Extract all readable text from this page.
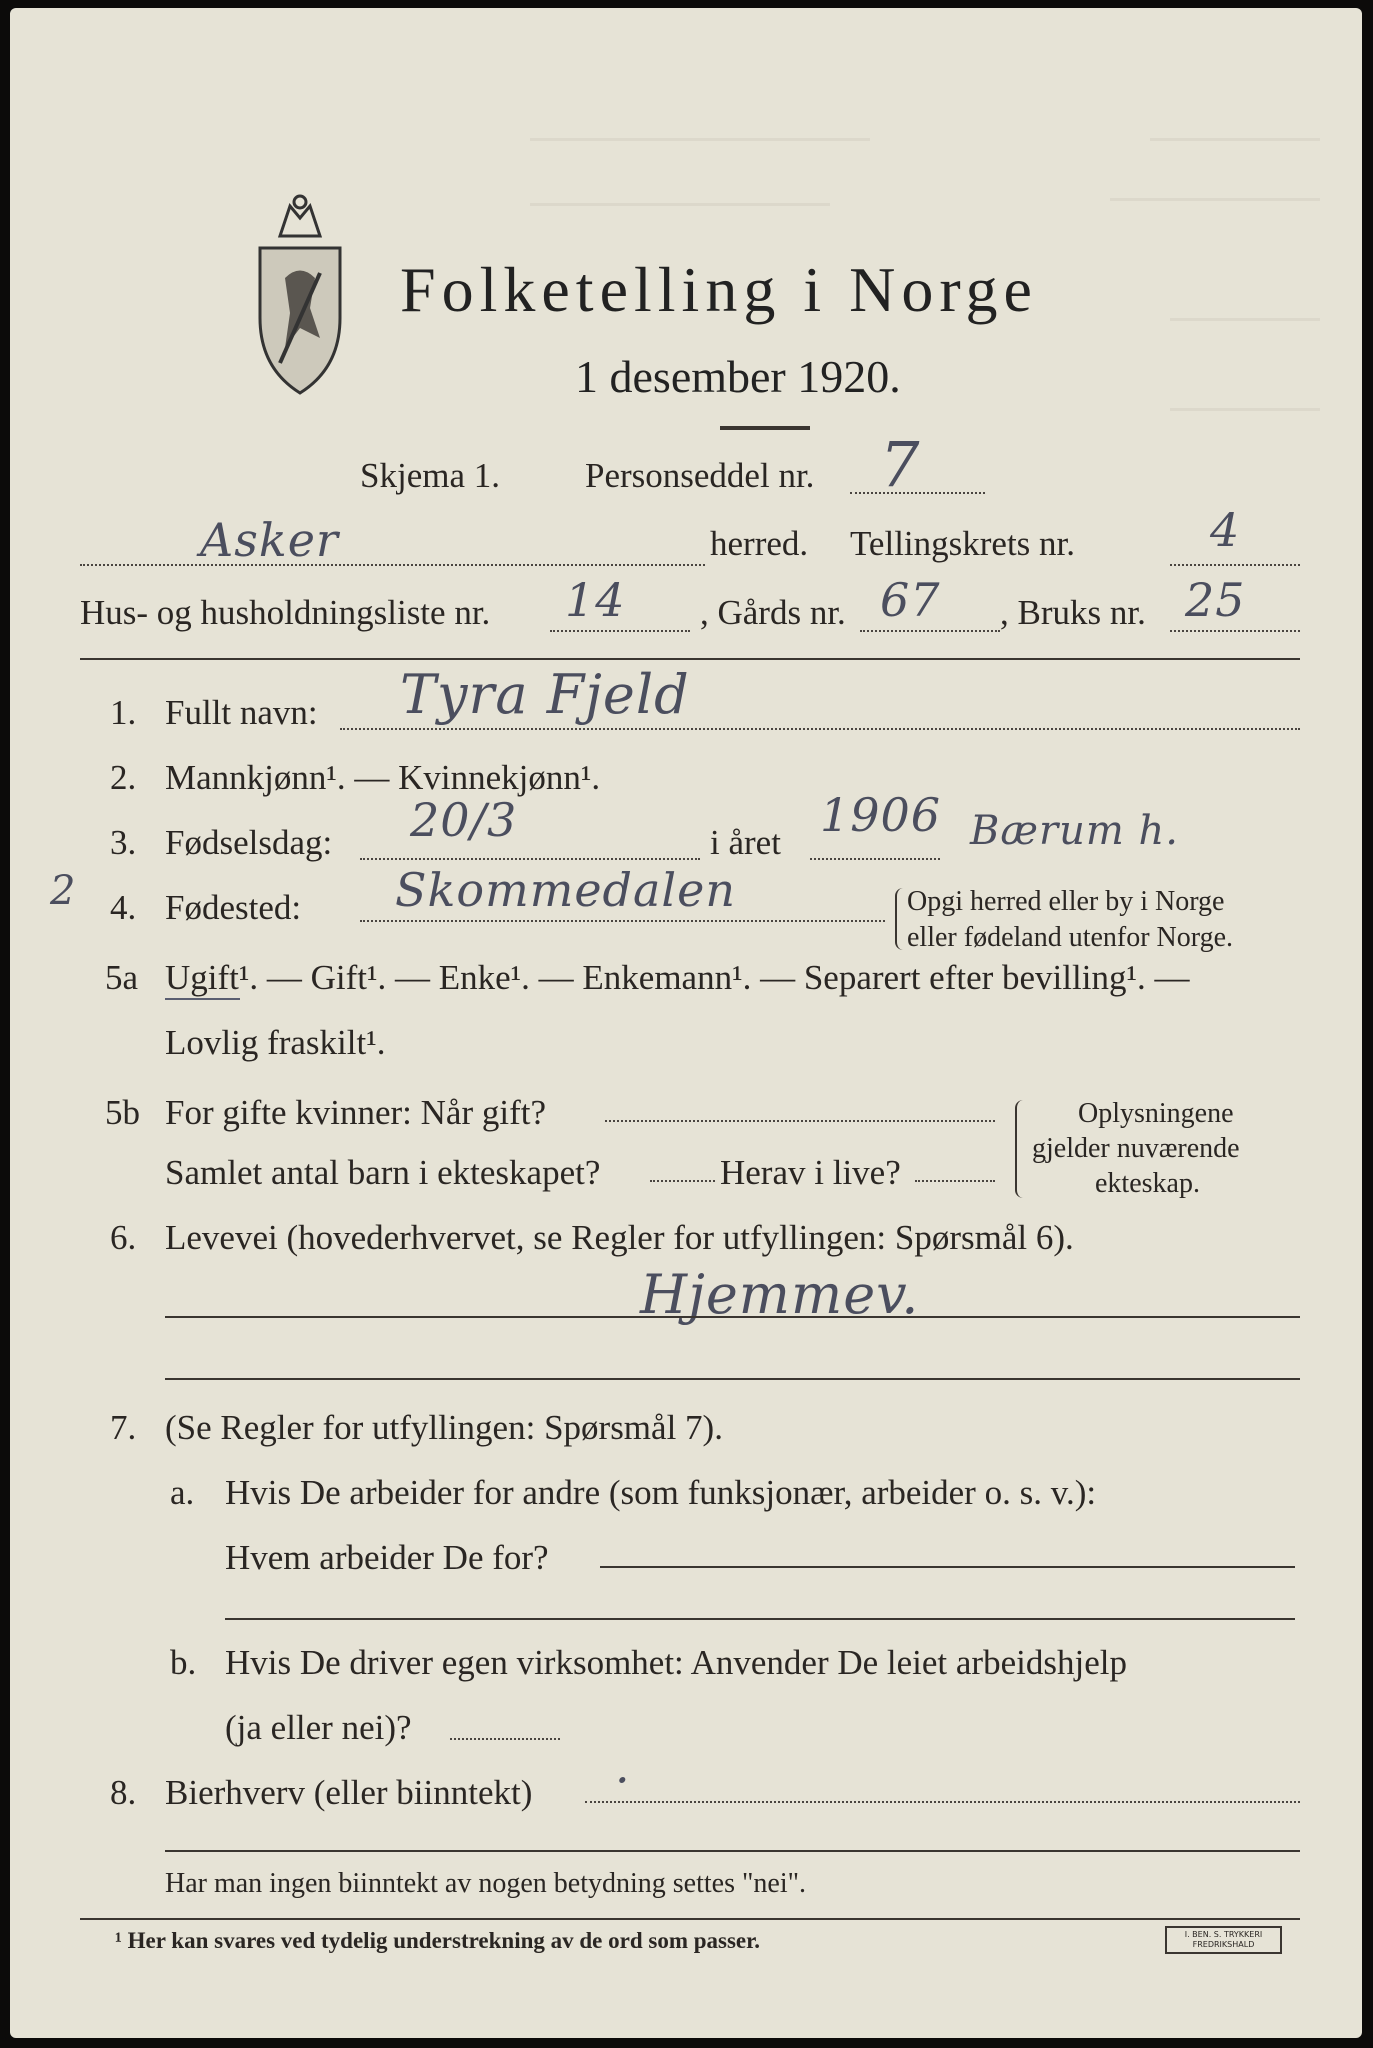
Folketelling i Norge
1 desember 1920.
Skjema 1. Personseddel nr. 7
Asker	herred. Tellingskrets nr.	4
Hus- og husholdningsliste nr. 14 , Gårds nr. 67 , Bruks nr. 25
1. Fullt navn: Tyra Fjeld
2. Mannkjønn¹. — Kvinnekjønn¹.
3. Fødselsdag: 20/3	i året
1906 Bærum h.
2 4. Fødested: Skommedalen	Opgi herred eller by i Norge
eller fødeland utenfor Norge.
5a Ugift¹. — Gift¹. — Enke¹. — Enkemann¹. — Separert efter bevilling¹. —
Lovlig fraskilt¹.
5b For gifte kvinner: Når gift?
Samlet antal barn i ekteskapet?	Herav i live?
Oplysningene
gjelder nuværende
ekteskap.
6. Levevei (hovederhvervet, se Regler for utfyllingen: Spørsmål 6).
Hjemmev.
7. (Se Regler for utfyllingen: Spørsmål 7).
a. Hvis De arbeider for andre (som funksjonær, arbeider o. s. v.):
Hvem arbeider De for?
b. Hvis De driver egen virksomhet: Anvender De leiet arbeidshjelp
(ja eller nei)?
8. Bierhverv (eller biinntekt) ·
Har man ingen biinntekt av nogen betydning settes "nei".
¹ Her kan svares ved tydelig understrekning av de ord som passer.	I. BEN. S. TRYKKERI
FREDRIKSHALD
